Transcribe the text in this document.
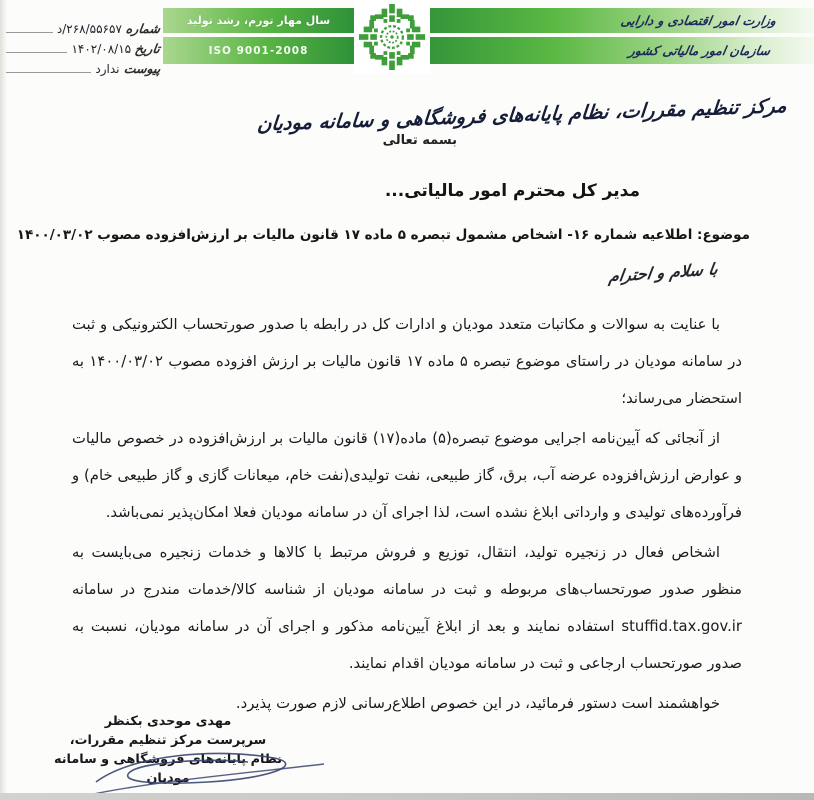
شماره
۲۶۸/۵۵۶۵۷/د
تاریخ
۱۴۰۲/۰۸/۱۵
پیوست
ندارد
سال مهار تورم، رشد تولید
ISO 9001-2008
وزارت امور اقتصادی و دارایی
سازمان امور مالیاتی کشور
مرکز تنظیم مقررات، نظام پایانه‌های فروشگاهی و سامانه مودیان
بسمه تعالی
مدیر کل محترم امور مالیاتی...
موضوع: اطلاعیه شماره ۱۶- اشخاص مشمول تبصره ۵ ماده ۱۷ قانون مالیات بر ارزش‌افزوده مصوب ۱۴۰۰/۰۳/۰۲
با سلام و احترام

با عنایت به سوالات و مکاتبات متعدد مودیان و ادارات کل در رابطه با صدور صورتحساب الکترونیکی و ثبت در سامانه مودیان در راستای موضوع تبصره ۵ ماده ۱۷ قانون مالیات بر ارزش افزوده مصوب ۱۴۰۰/۰۳/۰۲ به استحضار می‌رساند؛

از آنجائی که آیین‌نامه اجرایی موضوع تبصره(۵) ماده(۱۷) قانون مالیات بر ارزش‌افزوده در خصوص مالیات و عوارض ارزش‌افزوده عرضه آب، برق، گاز طبیعی، نفت تولیدی(نفت خام، میعانات گازی و گاز طبیعی خام) و فرآورده‌های تولیدی و وارداتی ابلاغ نشده است، لذا اجرای آن در سامانه مودیان فعلا امکان‌پذیر نمی‌باشد.

اشخاص فعال در زنجیره تولید، انتقال، توزیع و فروش مرتبط با کالاها و خدمات زنجیره می‌بایست به منظور صدور صورتحساب‌های مربوطه و ثبت در سامانه مودیان از شناسه کالا/خدمات مندرج در سامانه stuffid.tax.gov.ir استفاده نمایند و بعد از ابلاغ آیین‌نامه مذکور و اجرای آن در سامانه مودیان، نسبت به صدور صورتحساب ارجاعی و ثبت در سامانه مودیان اقدام نمایند.

خواهشمند است دستور فرمائید، در این خصوص اطلاع‌رسانی لازم صورت پذیرد.

مهدی موحدی بکنظر
سرپرست مرکز تنظیم مقررات،
نظام پایانه‌های فروشگاهی و سامانه مودیان
